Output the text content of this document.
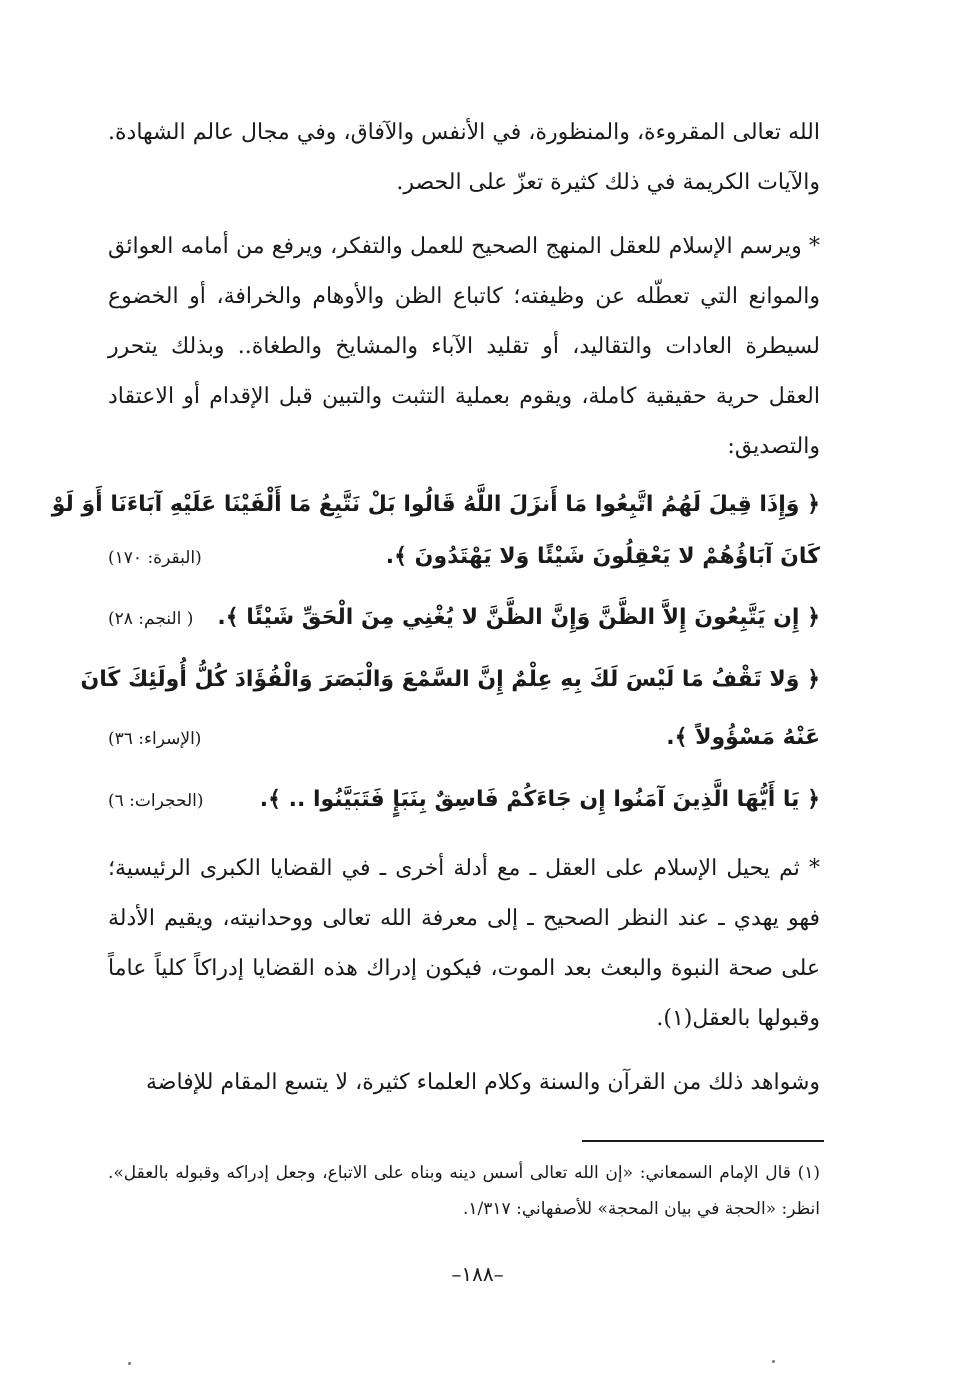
الله تعالى المقروءة، والمنظورة، في الأنفس والآفاق، وفي مجال عالم الشهادة. والآيات الكريمة في ذلك كثيرة تعزّ على الحصر.
* ويرسم الإسلام للعقل المنهج الصحيح للعمل والتفكر، ويرفع من أمامه العوائق والموانع التي تعطّله عن وظيفته؛ كاتباع الظن والأوهام والخرافة، أو الخضوع لسيطرة العادات والتقاليد، أو تقليد الآباء والمشايخ والطغاة.. وبذلك يتحرر العقل حرية حقيقية كاملة، ويقوم بعملية التثبت والتبين قبل الإقدام أو الاعتقاد والتصديق:
﴿ وَإِذَا قِيلَ لَهُمُ اتَّبِعُوا مَا أَنزَلَ اللَّهُ قَالُوا بَلْ نَتَّبِعُ مَا أَلْفَيْنَا عَلَيْهِ آبَاءَنَا أَوَ لَوْ
كَانَ آبَاؤُهُمْ لا يَعْقِلُونَ شَيْئًا وَلا يَهْتَدُونَ ﴾.
(البقرة: ١٧٠)
﴿ إِن يَتَّبِعُونَ إِلاَّ الظَّنَّ وَإِنَّ الظَّنَّ لا يُغْنِي مِنَ الْحَقِّ شَيْئًا ﴾.
( النجم: ٢٨)
﴿ وَلا تَقْفُ مَا لَيْسَ لَكَ بِهِ عِلْمٌ إِنَّ السَّمْعَ وَالْبَصَرَ وَالْفُؤَادَ كُلُّ أُولَئِكَ كَانَ
عَنْهُ مَسْؤُولاً ﴾.
(الإسراء: ٣٦)
﴿ يَا أَيُّهَا الَّذِينَ آمَنُوا إِن جَاءَكُمْ فَاسِقٌ بِنَبَإٍ فَتَبَيَّنُوا .. ﴾.
(الحجرات: ٦)
* ثم يحيل الإسلام على العقل ـ مع أدلة أخرى ـ في القضايا الكبرى الرئيسية؛ فهو يهدي ـ عند النظر الصحيح ـ إلى معرفة الله تعالى ووحدانيته، ويقيم الأدلة على صحة النبوة والبعث بعد الموت، فيكون إدراك هذه القضايا إدراكاً كلياً عاماً وقبولها بالعقل(١).
وشواهد ذلك من القرآن والسنة وكلام العلماء كثيرة، لا يتسع المقام للإفاضة
(١) قال الإمام السمعاني: «إن الله تعالى أسس دينه وبناه على الاتباع، وجعل إدراكه وقبوله بالعقل». انظر: «الحجة في بيان المحجة» للأصفهاني: ١/٣١٧.
–١٨٨–
